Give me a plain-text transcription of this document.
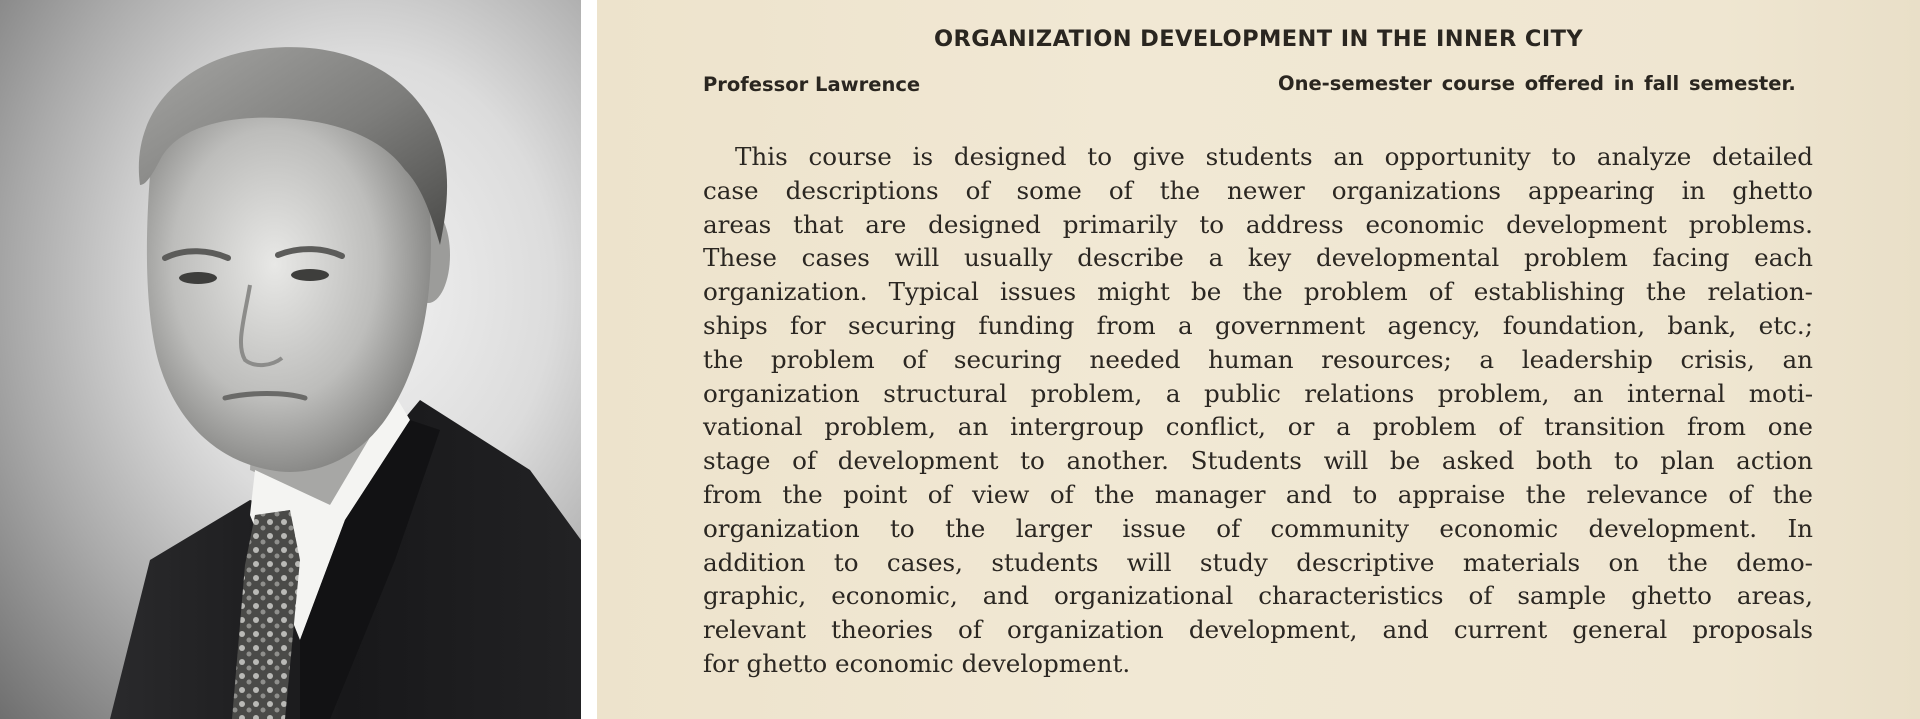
ORGANIZATION DEVELOPMENT IN THE INNER CITY
Professor Lawrence	One-semester course offered in fall semester.
This course is designed to give students an opportunity to analyze detailed
case descriptions of some of the newer organizations appearing in ghetto
areas that are designed primarily to address economic development problems.
These cases will usually describe a key developmental problem facing each
organization. Typical issues might be the problem of establishing the relation-
ships for securing funding from a government agency, foundation, bank, etc.;
the problem of securing needed human resources; a leadership crisis, an
organization structural problem, a public relations problem, an internal moti-
vational problem, an intergroup conflict, or a problem of transition from one
stage of development to another. Students will be asked both to plan action
from the point of view of the manager and to appraise the relevance of the
organization to the larger issue of community economic development. In
addition to cases, students will study descriptive materials on the demo-
graphic, economic, and organizational characteristics of sample ghetto areas,
relevant theories of organization development, and current general proposals
for ghetto economic development.
